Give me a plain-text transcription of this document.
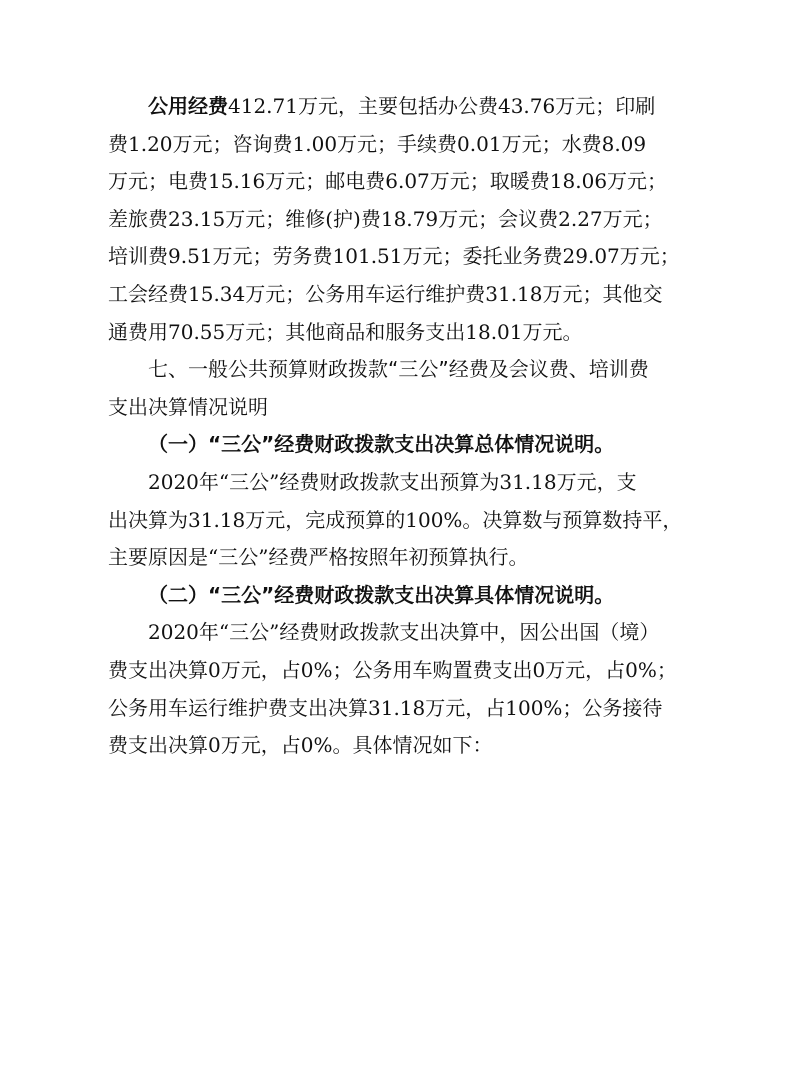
公用经费412.71万元，主要包括办公费43.76万元；印刷
费1.20万元；咨询费1.00万元；手续费0.01万元；水费8.09
万元；电费15.16万元；邮电费6.07万元；取暖费18.06万元；
差旅费23.15万元；维修(护)费18.79万元；会议费2.27万元；
培训费9.51万元；劳务费101.51万元；委托业务费29.07万元；
工会经费15.34万元；公务用车运行维护费31.18万元；其他交
通费用70.55万元；其他商品和服务支出18.01万元。
七、一般公共预算财政拨款“三公”经费及会议费、培训费
支出决算情况说明
（一）“三公”经费财政拨款支出决算总体情况说明。
2020年“三公”经费财政拨款支出预算为31.18万元，支
出决算为31.18万元，完成预算的100%。决算数与预算数持平，
主要原因是“三公”经费严格按照年初预算执行。
（二）“三公”经费财政拨款支出决算具体情况说明。
2020年“三公”经费财政拨款支出决算中，因公出国（境）
费支出决算0万元，占0%；公务用车购置费支出0万元，占0%；
公务用车运行维护费支出决算31.18万元，占100%；公务接待
费支出决算0万元，占0%。具体情况如下：
